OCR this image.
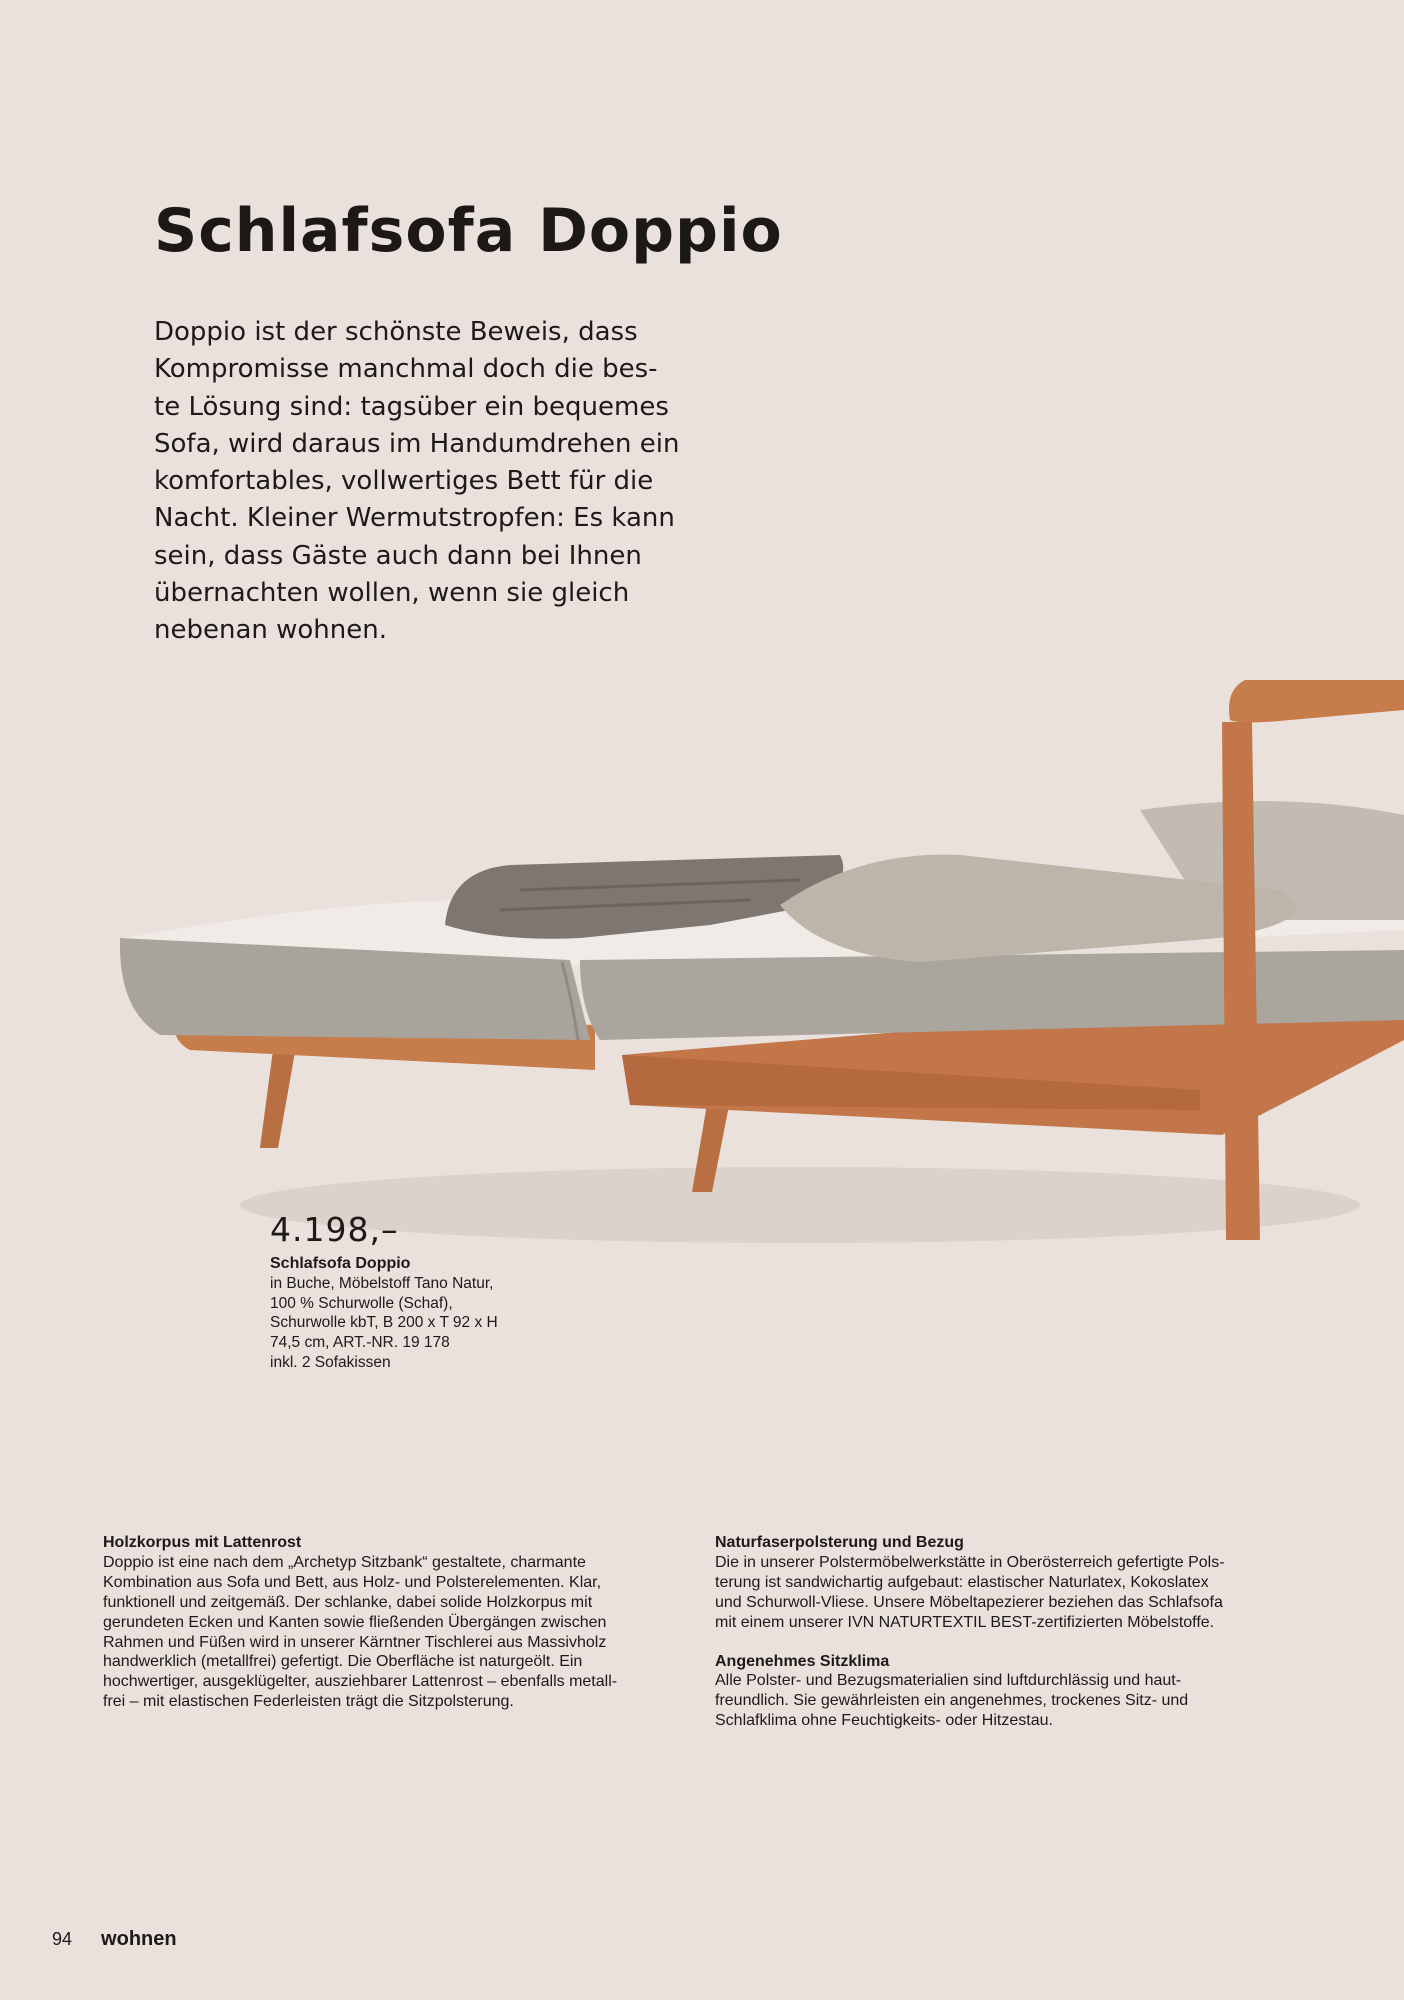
Schlafsofa Doppio
Doppio ist der schönste Beweis, dass
Kompromisse manchmal doch die bes-
te Lösung sind: tagsüber ein bequemes
Sofa, wird daraus im Handumdrehen ein
komfortables, vollwertiges Bett für die
Nacht. Kleiner Wermutstropfen: Es kann
sein, dass Gäste auch dann bei Ihnen
übernachten wollen, wenn sie gleich
nebenan wohnen.
4.198,–
Schlafsofa Doppio
in Buche, Möbelstoff Tano Natur,
100 % Schurwolle (Schaf),
Schurwolle kbT, B 200 x T 92 x H
74,5 cm, ART.-NR. 19 178
inkl. 2 Sofakissen
Holzkorpus mit Lattenrost
Doppio ist eine nach dem „Archetyp Sitzbank“ gestaltete, charmante
Kombination aus Sofa und Bett, aus Holz- und Polsterelementen. Klar,
funktionell und zeitgemäß. Der schlanke, dabei solide Holzkorpus mit
gerundeten Ecken und Kanten sowie fließenden Übergängen zwischen
Rahmen und Füßen wird in unserer Kärntner Tischlerei aus Massivholz
handwerklich (metallfrei) gefertigt. Die Oberfläche ist naturgeölt. Ein
hochwertiger, ausgeklügelter, ausziehbarer Lattenrost – ebenfalls metall-
frei – mit elastischen Federleisten trägt die Sitzpolsterung.
Naturfaserpolsterung und Bezug
Die in unserer Polstermöbelwerkstätte in Oberösterreich gefertigte Pols-
terung ist sandwichartig aufgebaut: elastischer Naturlatex, Kokoslatex
und Schurwoll-Vliese. Unsere Möbeltapezierer beziehen das Schlafsofa
mit einem unserer IVN NATURTEXTIL BEST-zertifizierten Möbelstoffe.
Angenehmes Sitzklima
Alle Polster- und Bezugsmaterialien sind luftdurchlässig und haut-
freundlich. Sie gewährleisten ein angenehmes, trockenes Sitz- und
Schlafklima ohne Feuchtigkeits- oder Hitzestau.
94 wohnen
